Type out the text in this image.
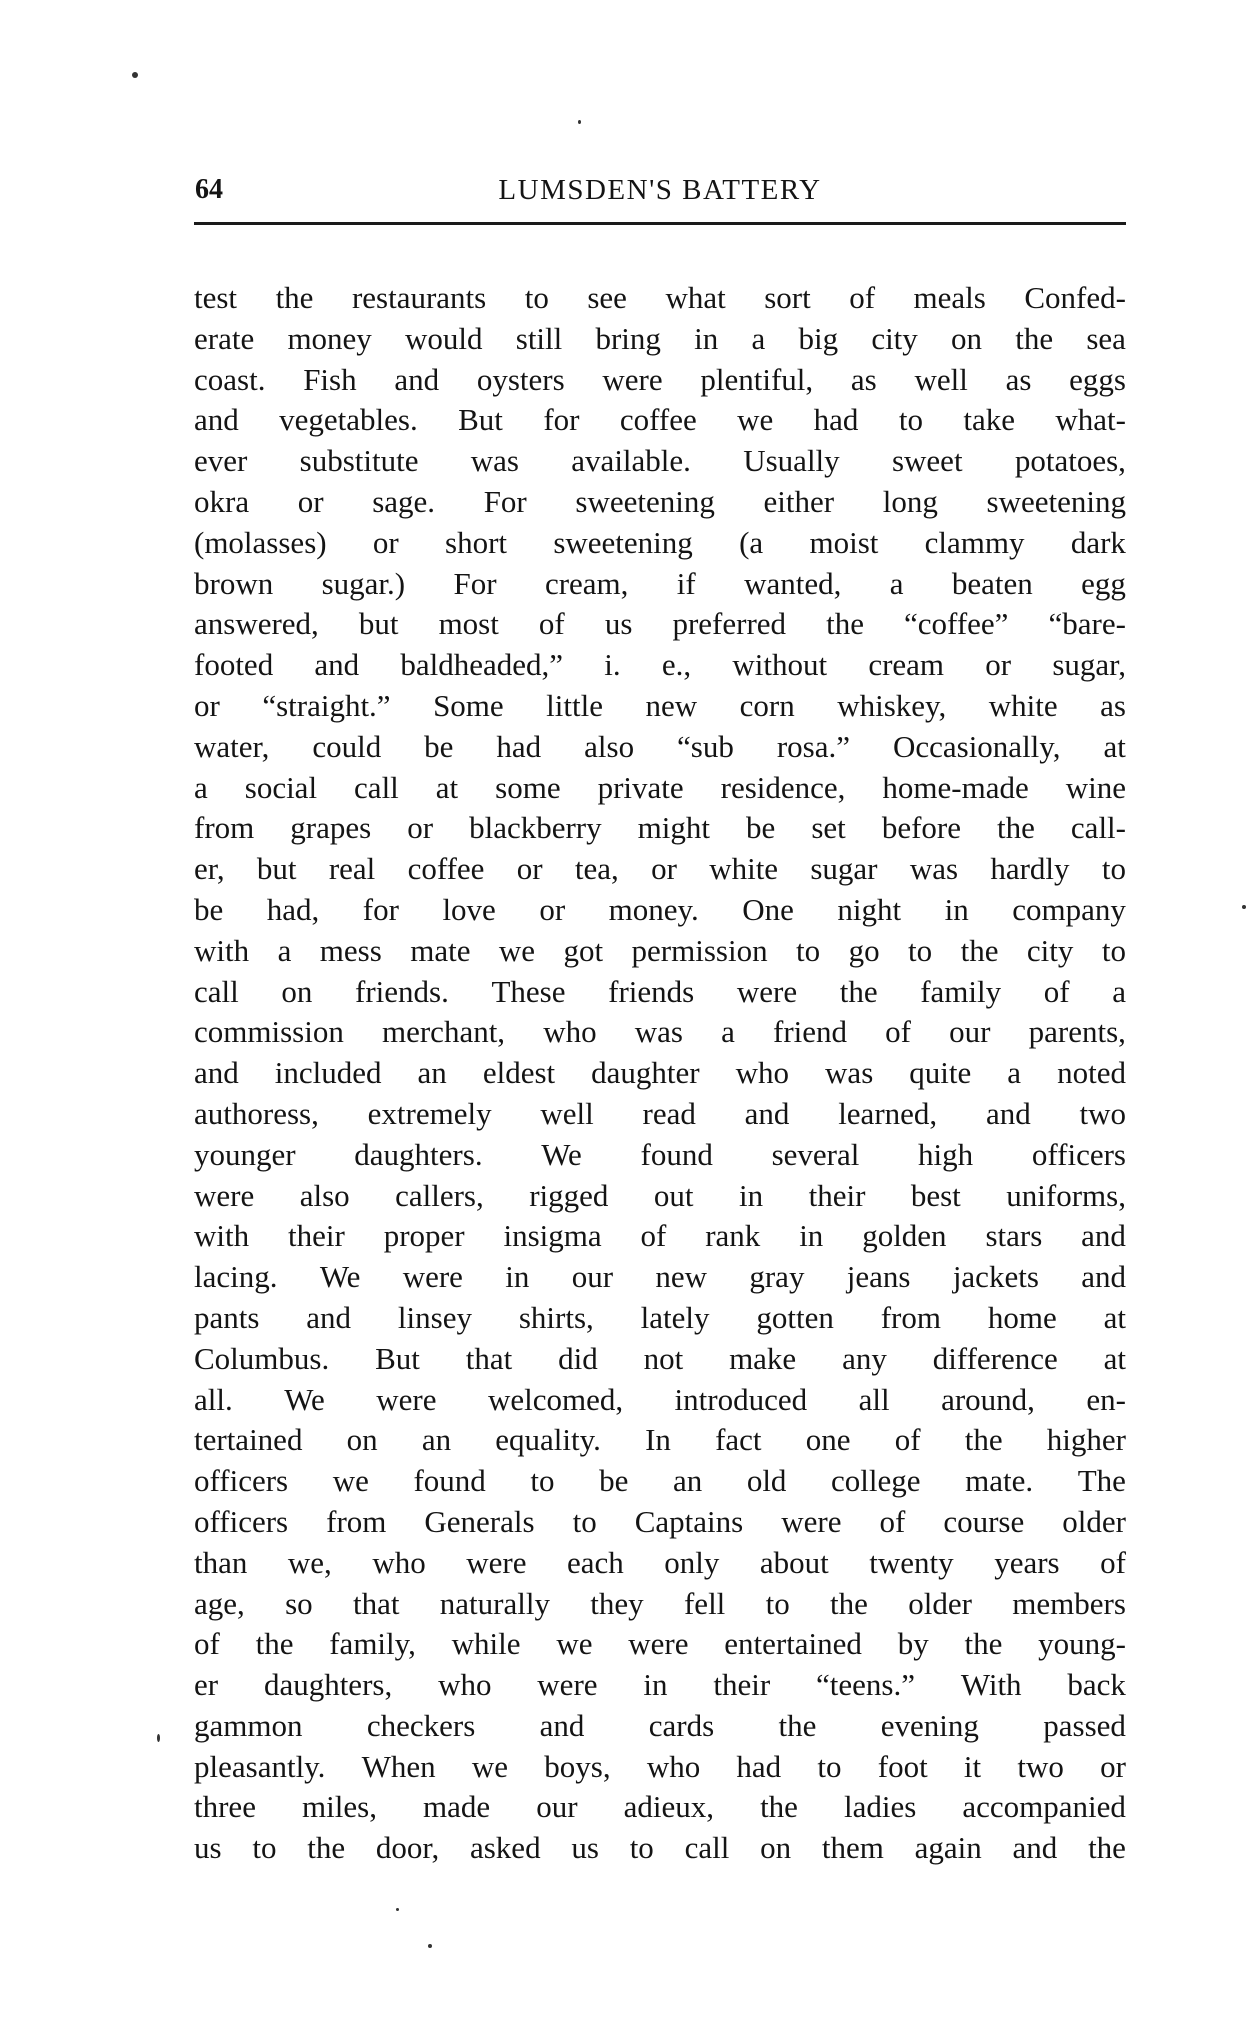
64	LUMSDEN'S BATTERY
test the restaurants to see what sort of meals Confed-
erate money would still bring in a big city on the sea
coast. Fish and oysters were plentiful, as well as eggs
and vegetables. But for coffee we had to take what-
ever substitute was available. Usually sweet potatoes,
okra or sage. For sweetening either long sweetening
(molasses) or short sweetening (a moist clammy dark
brown sugar.) For cream, if wanted, a beaten egg
answered, but most of us preferred the “coffee” “bare-
footed and baldheaded,” i. e., without cream or sugar,
or “straight.” Some little new corn whiskey, white as
water, could be had also “sub rosa.” Occasionally, at
a social call at some private residence, home-made wine
from grapes or blackberry might be set before the call-
er, but real coffee or tea, or white sugar was hardly to
be had, for love or money. One night in company
with a mess mate we got permission to go to the city to
call on friends. These friends were the family of a
commission merchant, who was a friend of our parents,
and included an eldest daughter who was quite a noted
authoress, extremely well read and learned, and two
younger daughters. We found several high officers
were also callers, rigged out in their best uniforms,
with their proper insigma of rank in golden stars and
lacing. We were in our new gray jeans jackets and
pants and linsey shirts, lately gotten from home at
Columbus. But that did not make any difference at
all. We were welcomed, introduced all around, en-
tertained on an equality. In fact one of the higher
officers we found to be an old college mate. The
officers from Generals to Captains were of course older
than we, who were each only about twenty years of
age, so that naturally they fell to the older members
of the family, while we were entertained by the young-
er daughters, who were in their “teens.” With back
gammon checkers and cards the evening passed
pleasantly. When we boys, who had to foot it two or
three miles, made our adieux, the ladies accompanied
us to the door, asked us to call on them again and the
